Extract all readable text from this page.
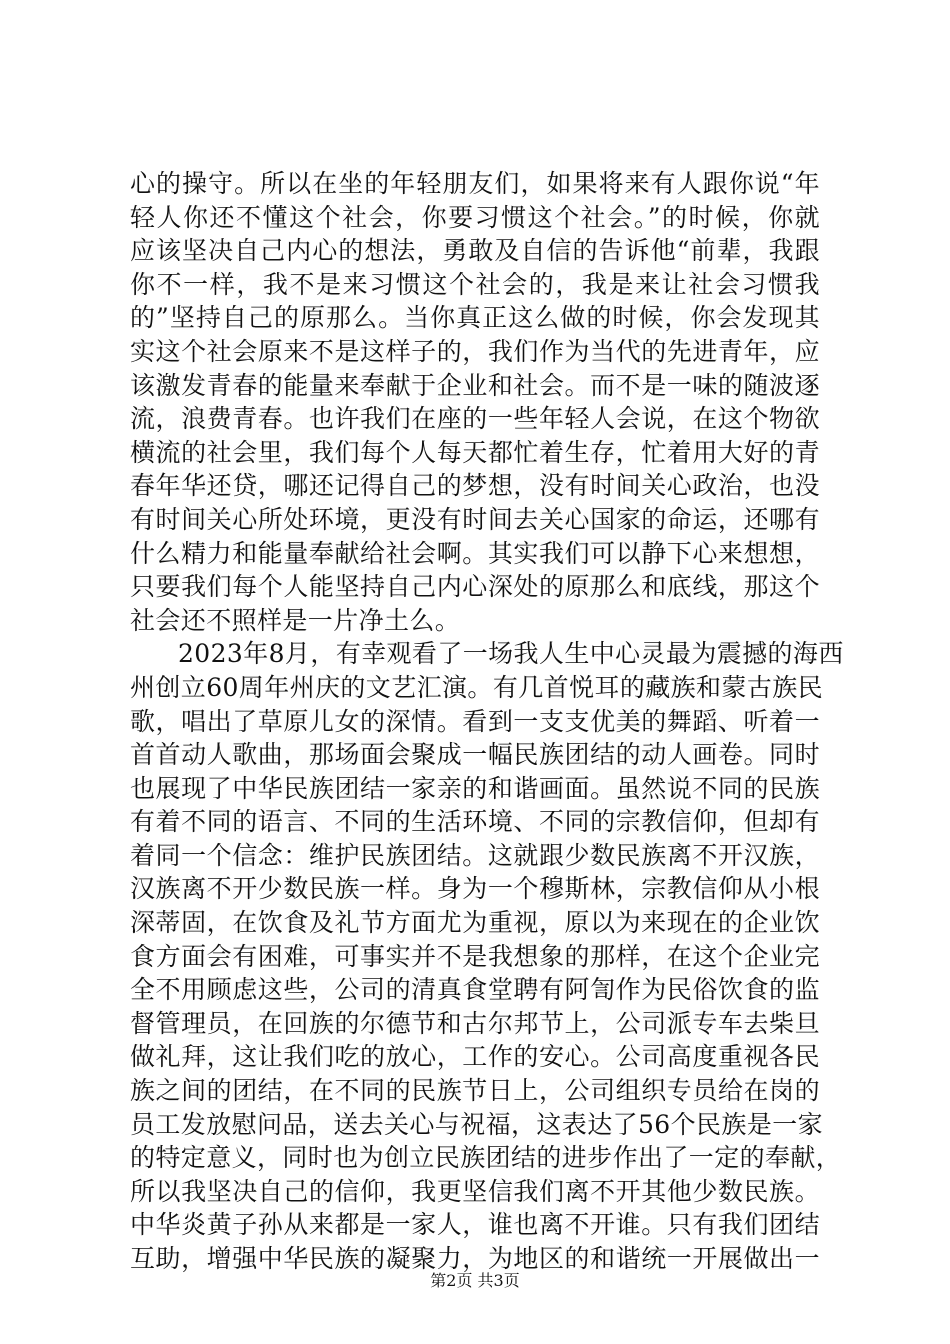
心的操守。所以在坐的年轻朋友们，如果将来有人跟你说“年
轻人你还不懂这个社会，你要习惯这个社会。”的时候，你就
应该坚决自己内心的想法，勇敢及自信的告诉他“前辈，我跟
你不一样，我不是来习惯这个社会的，我是来让社会习惯我
的”坚持自己的原那么。当你真正这么做的时候，你会发现其
实这个社会原来不是这样子的，我们作为当代的先进青年，应
该激发青春的能量来奉献于企业和社会。而不是一味的随波逐
流，浪费青春。也许我们在座的一些年轻人会说，在这个物欲
横流的社会里，我们每个人每天都忙着生存，忙着用大好的青
春年华还贷，哪还记得自己的梦想，没有时间关心政治，也没
有时间关心所处环境，更没有时间去关心国家的命运，还哪有
什么精力和能量奉献给社会啊。其实我们可以静下心来想想，
只要我们每个人能坚持自己内心深处的原那么和底线，那这个
社会还不照样是一片净土么。
2023年8月，有幸观看了一场我人生中心灵最为震撼的海西
州创立60周年州庆的文艺汇演。有几首悦耳的藏族和蒙古族民
歌，唱出了草原儿女的深情。看到一支支优美的舞蹈、听着一
首首动人歌曲，那场面会聚成一幅民族团结的动人画卷。同时
也展现了中华民族团结一家亲的和谐画面。虽然说不同的民族
有着不同的语言、不同的生活环境、不同的宗教信仰，但却有
着同一个信念：维护民族团结。这就跟少数民族离不开汉族，
汉族离不开少数民族一样。身为一个穆斯林，宗教信仰从小根
深蒂固，在饮食及礼节方面尤为重视，原以为来现在的企业饮
食方面会有困难，可事实并不是我想象的那样，在这个企业完
全不用顾虑这些，公司的清真食堂聘有阿訇作为民俗饮食的监
督管理员，在回族的尔德节和古尔邦节上，公司派专车去柴旦
做礼拜，这让我们吃的放心，工作的安心。公司高度重视各民
族之间的团结，在不同的民族节日上，公司组织专员给在岗的
员工发放慰问品，送去关心与祝福，这表达了56个民族是一家
的特定意义，同时也为创立民族团结的进步作出了一定的奉献，
所以我坚决自己的信仰，我更坚信我们离不开其他少数民族。
中华炎黄子孙从来都是一家人，谁也离不开谁。只有我们团结
互助，增强中华民族的凝聚力，为地区的和谐统一开展做出一
第2页 共3页
